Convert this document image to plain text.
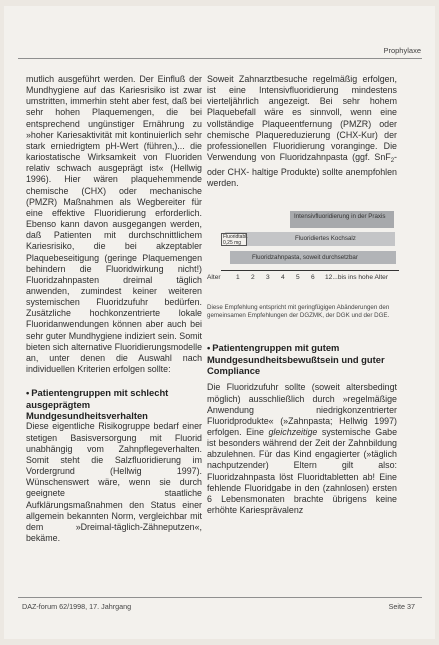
Prophylaxe

mutlich ausgeführt werden. Der Einfluß der Mundhygiene auf das Kariesrisiko ist zwar umstritten, immerhin steht aber fest, daß bei sehr hohen Plaquemengen, die bei entsprechend ungünstiger Ernährung zu »hoher Kariesaktivität mit kontinuierlich sehr stark erniedrigtem pH-Wert (führen,)... die kariostatische Wirksamkeit von Fluoriden relativ schwach ausgeprägt ist« (Hellwig 1996). Hier wären plaquehemmende chemische (CHX) oder mechanische (PMZR) Maßnahmen als Wegbereiter für eine effektive Fluoridierung erforderlich. Ebenso kann davon ausgegangen werden, daß Patienten mit durchschnittlichem Kariesrisiko, die bei akzeptabler Plaquebeseitigung (geringe Plaquemengen behindern die Fluoridwirkung nicht!) Fluoridzahnpasten dreimal täglich anwenden, zumindest keiner weiteren systemischen Fluoridzufuhr bedürfen. Zusätzliche hochkonzentrierte lokale Fluoridanwendungen können aber auch bei sehr guter Mundhygiene indiziert sein. Somit bieten sich alternative Fluoridierungsmodelle an, unter denen die Auswahl nach individuellen Kriterien erfolgen sollte:

• Patientengruppen mit schlecht ausgeprägtem Mundgesundheitsverhalten

Diese eigentliche Risikogruppe bedarf einer stetigen Basisversorgung mit Fluorid unabhängig vom Zahnpflegeverhalten. Somit steht die Salzfluoridierung im Vordergrund (Hellwig 1997). Wünschenswert wäre, wenn sie durch geeignete staatliche Aufklärungsmaßnahmen den Status einer allgemein bekannten Norm, vergleichbar mit dem »Dreimal-täglich-Zähneputzen«, bekäme.

Soweit Zahnarztbesuche regelmäßig erfolgen, ist eine Intensivfluoridierung mindestens vierteljährlich angezeigt. Bei sehr hohem Plaquebefall wäre es sinnvoll, wenn eine vollständige Plaqueentfernung (PMZR) oder chemische Plaquereduzierung (CHX-Kur) der professionellen Fluoridierung voranginge. Die Verwendung von Fluoridzahnpasta (ggf. SnF$_2$- oder CHX- haltige Produkte) sollte anempfohlen werden.

Intensivfluoridierung in der Praxis
Fluoridiertes Kochsalz
Fluoridtabl. 0,25 mg
Fluoridzahnpasta, soweit durchsetzbar
Alter 1 2 3 4 5 6 12...bis ins hohe Alter

Diese Empfehlung entspricht mit geringfügigen Abänderungen den gemeinsamen Empfehlungen der DGZMK, der DGK und der DGE.

• Patientengruppen mit gutem Mundgesundheitsbewußtsein und guter Compliance

Die Fluoridzufuhr sollte (soweit altersbedingt möglich) ausschließlich durch »regelmäßige Anwendung niedrigkonzentrierter Fluoridprodukte« (»Zahnpasta; Hellwig 1997) erfolgen. Eine gleichzeitige systemische Gabe ist besonders während der Zeit der Zahnbildung abzulehnen. Für das Kind engagierter (»täglich nachputzender) Eltern gilt also: Fluoridzahnpasta löst Fluoridtabletten ab! Eine fehlende Fluoridgabe in den (zahnlosen) ersten 6 Lebensmonaten brachte übrigens keine erhöhte Kariesprävalenz

DAZ-forum 62/1998, 17. Jahrgang	Seite 37
